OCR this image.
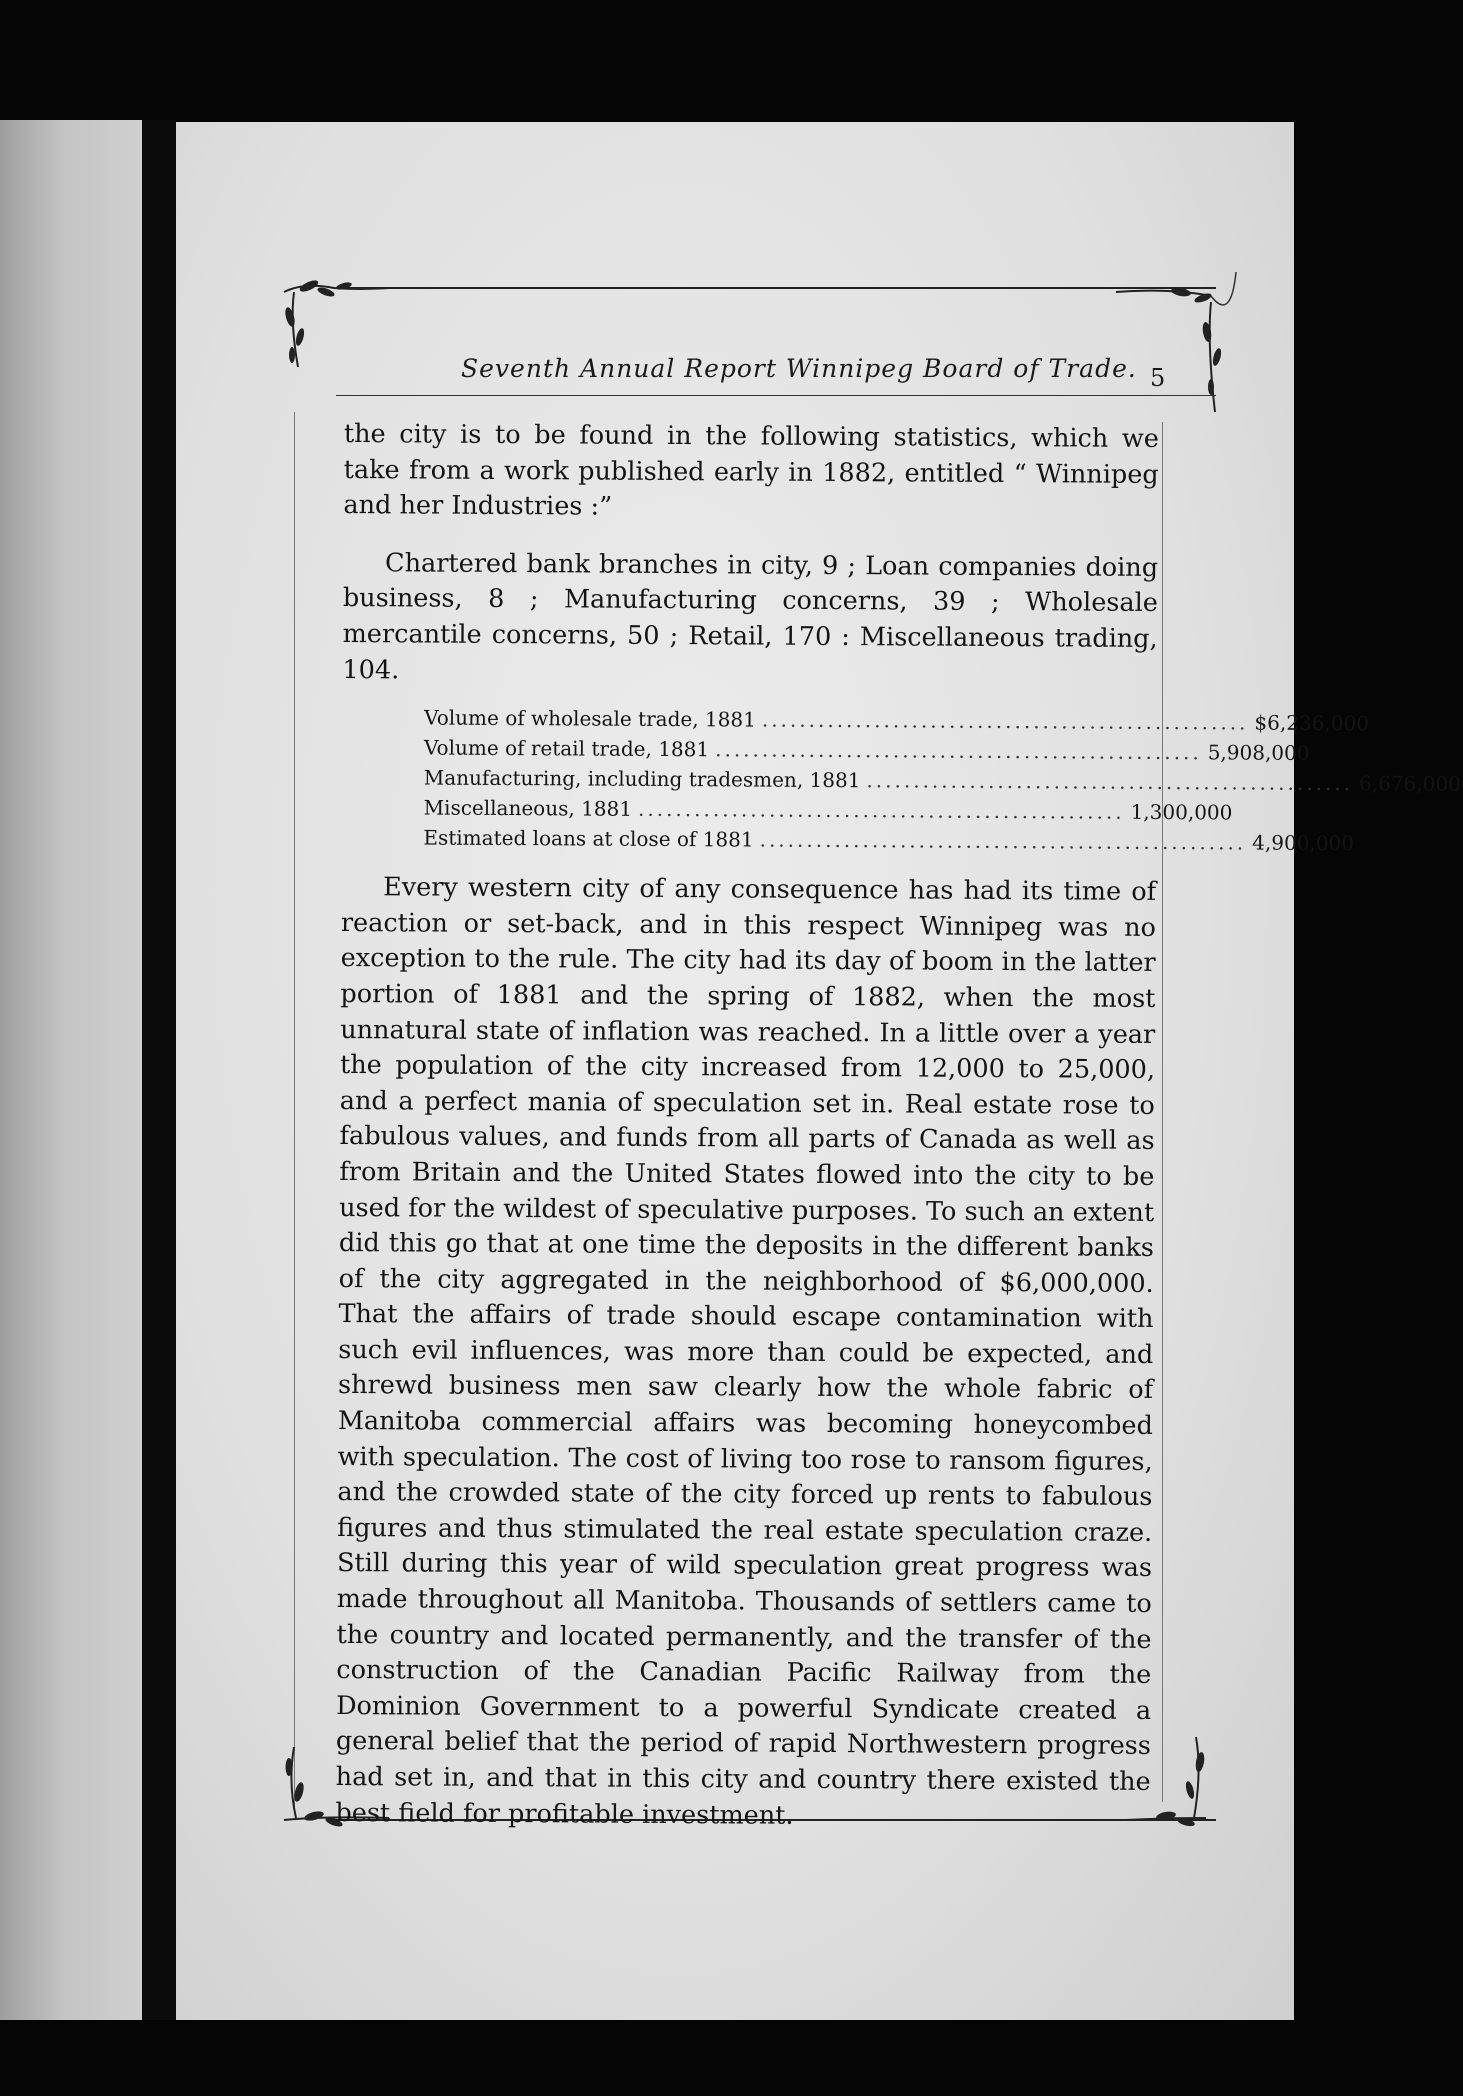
Seventh Annual Report Winnipeg Board of Trade. 5

the city is to be found in the following statistics, which we take from a work published early in 1882, entitled “ Winnipeg and her Industries :”

Chartered bank branches in city, 9 ; Loan companies doing business, 8 ; Manufacturing concerns, 39 ; Wholesale mercantile concerns, 50 ; Retail, 170 : Miscellaneous trading, 104.

Volume of wholesale trade, 1881 .................................................... $6,236,000
Volume of retail trade, 1881 .................................................... 5,908,000
Manufacturing, including tradesmen, 1881 .................................................... 6,676,000
Miscellaneous, 1881 .................................................... 1,300,000
Estimated loans at close of 1881 .................................................... 4,900,000

Every western city of any consequence has had its time of reaction or set-back, and in this respect Winnipeg was no exception to the rule. The city had its day of boom in the latter portion of 1881 and the spring of 1882, when the most unnatural state of inflation was reached. In a little over a year the population of the city increased from 12,000 to 25,000, and a perfect mania of speculation set in. Real estate rose to fabulous values, and funds from all parts of Canada as well as from Britain and the United States flowed into the city to be used for the wildest of speculative purposes. To such an extent did this go that at one time the deposits in the different banks of the city aggregated in the neighborhood of $6,000,000. That the affairs of trade should escape contamination with such evil influences, was more than could be expected, and shrewd business men saw clearly how the whole fabric of Manitoba commercial affairs was becoming honeycombed with speculation. The cost of living too rose to ransom figures, and the crowded state of the city forced up rents to fabulous figures and thus stimulated the real estate speculation craze. Still during this year of wild speculation great progress was made throughout all Manitoba. Thousands of settlers came to the country and located permanently, and the transfer of the construction of the Canadian Pacific Railway from the Dominion Government to a powerful Syndicate created a general belief that the period of rapid Northwestern progress had set in, and that in this city and country there existed the best field for profitable investment.
